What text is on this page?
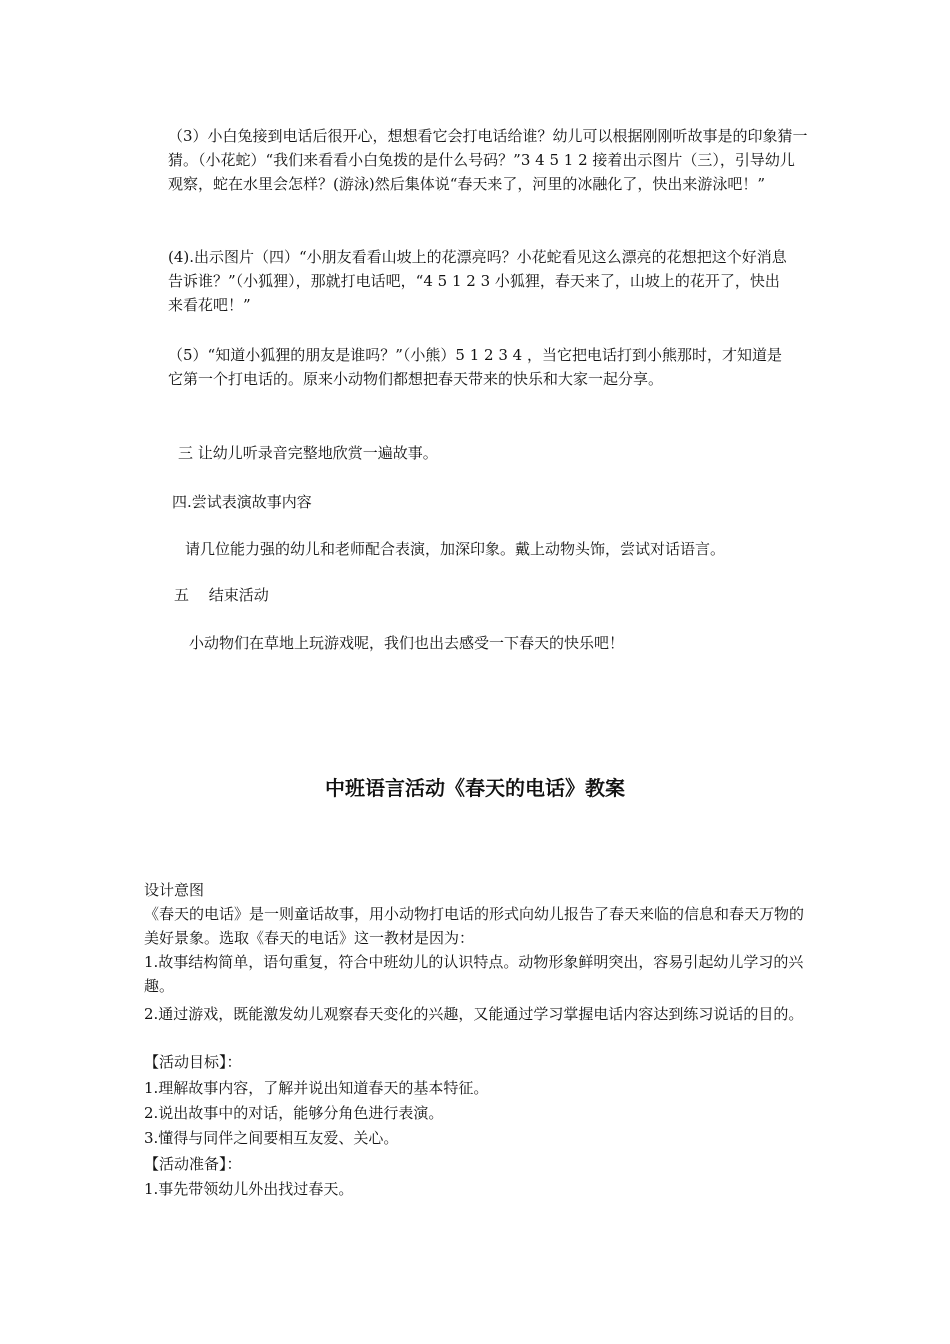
（3）小白兔接到电话后很开心，想想看它会打电话给谁？幼儿可以根据刚刚听故事是的印象猜一猜。（小花蛇）“我们来看看小白兔拨的是什么号码？”3 4 5 1 2 接着出示图片（三），引导幼儿观察，蛇在水里会怎样？(游泳)然后集体说“春天来了，河里的冰融化了，快出来游泳吧！”

(4).出示图片（四）“小朋友看看山坡上的花漂亮吗？小花蛇看见这么漂亮的花想把这个好消息告诉谁？”（小狐狸），那就打电话吧，“4 5 1 2 3 小狐狸，春天来了，山坡上的花开了，快出来看花吧！”

（5）“知道小狐狸的朋友是谁吗？”（小熊）5 1 2 3 4 ，当它把电话打到小熊那时，才知道是它第一个打电话的。原来小动物们都想把春天带来的快乐和大家一起分享。

三 让幼儿听录音完整地欣赏一遍故事。

四.尝试表演故事内容

请几位能力强的幼儿和老师配合表演，加深印象。戴上动物头饰，尝试对话语言。

五　 结束活动

小动物们在草地上玩游戏呢，我们也出去感受一下春天的快乐吧！

中班语言活动《春天的电话》教案

设计意图

《春天的电话》是一则童话故事，用小动物打电话的形式向幼儿报告了春天来临的信息和春天万物的美好景象。选取《春天的电话》这一教材是因为：

1.故事结构简单，语句重复，符合中班幼儿的认识特点。动物形象鲜明突出，容易引起幼儿学习的兴趣。

2.通过游戏，既能激发幼儿观察春天变化的兴趣，又能通过学习掌握电话内容达到练习说话的目的。

【活动目标】：

1.理解故事内容，了解并说出知道春天的基本特征。

2.说出故事中的对话，能够分角色进行表演。

3.懂得与同伴之间要相互友爱、关心。

【活动准备】：

1.事先带领幼儿外出找过春天。
